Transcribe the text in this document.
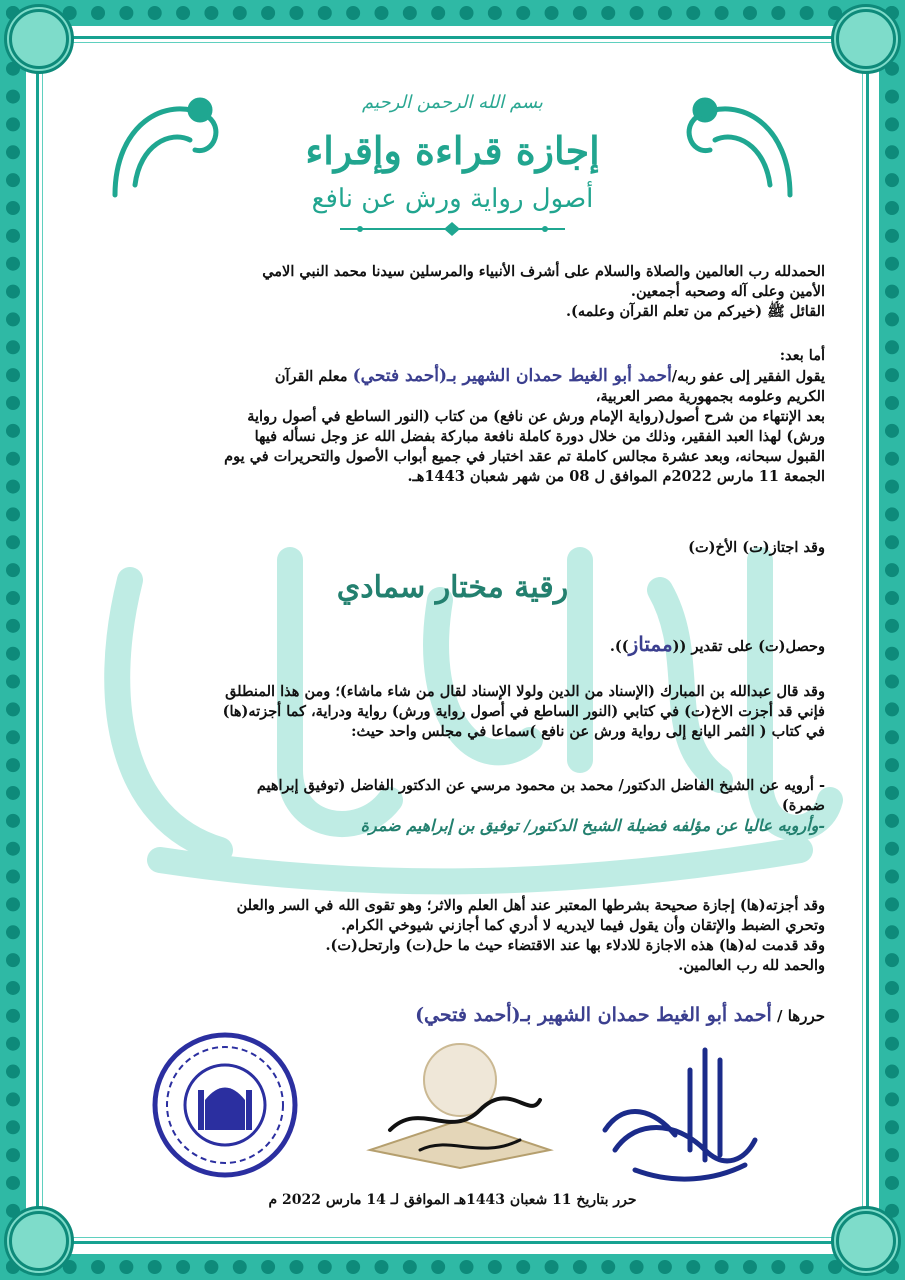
بسم الله الرحمن الرحيم
إجازة قراءة وإقراء
أصول رواية ورش عن نافع

الحمدلله رب العالمين والصلاة والسلام على أشرف الأنبياء والمرسلين سيدنا محمد النبي الامي

الأمين وعلى آله وصحبه أجمعين.

القائل ﷺ (خيركم من تعلم القرآن وعلمه).

أما بعد:

يقول الفقير إلى عفو ربه/أحمد أبو الغيط حمدان الشهير بـ(أحمد فتحي) معلم القرآن

الكريم وعلومه بجمهورية مصر العربية،

بعد الإنتهاء من شرح أصول(رواية الإمام ورش عن نافع) من كتاب (النور الساطع في أصول رواية

ورش) لهذا العبد الفقير، وذلك من خلال دورة كاملة نافعة مباركة بفضل الله عز وجل نسأله فيها

القبول سبحانه، وبعد عشرة مجالس كاملة تم عقد اختبار في جميع أبواب الأصول والتحريرات في يوم

الجمعة 11 مارس 2022م الموافق ل 08 من شهر شعبان 1443هـ.

وقد اجتاز(ت) الأخ(ت)
رقية مختار سمادي
وحصل(ت) على تقدير ((ممتاز)).

وقد قال عبدالله بن المبارك (الإسناد من الدين ولولا الإسناد لقال من شاء ماشاء)؛ ومن هذا المنطلق

فإني قد أجزت الاخ(ت) في كتابي (النور الساطع في أصول رواية ورش) رواية ودراية، كما أجزته(ها)

في كتاب ( الثمر اليانع إلى رواية ورش عن نافع )سماعا في مجلس واحد حيث:

- أرويه عن الشيخ الفاضل الدكتور/ محمد بن محمود مرسي عن الدكتور الفاضل (توفيق إبراهيم

ضمرة)

-وأرويه عاليا عن مؤلفه فضيلة الشيخ الدكتور/ توفيق بن إبراهيم ضمرة

وقد أجزته(ها) إجازة صحيحة بشرطها المعتبر عند أهل العلم والاثر؛ وهو تقوى الله في السر والعلن

وتحري الضبط والإتقان وأن يقول فيما لايدريه لا أدري كما أجازني شيوخي الكرام.

وقد قدمت له(ها) هذه الاجازة للادلاء بها عند الاقتضاء حيث ما حل(ت) وارتحل(ت).

والحمد لله رب العالمين.

حررها / أحمد أبو الغيط حمدان الشهير بـ(أحمد فتحي)
حرر بتاريخ 11 شعبان 1443هـ الموافق لـ 14 مارس 2022 م
